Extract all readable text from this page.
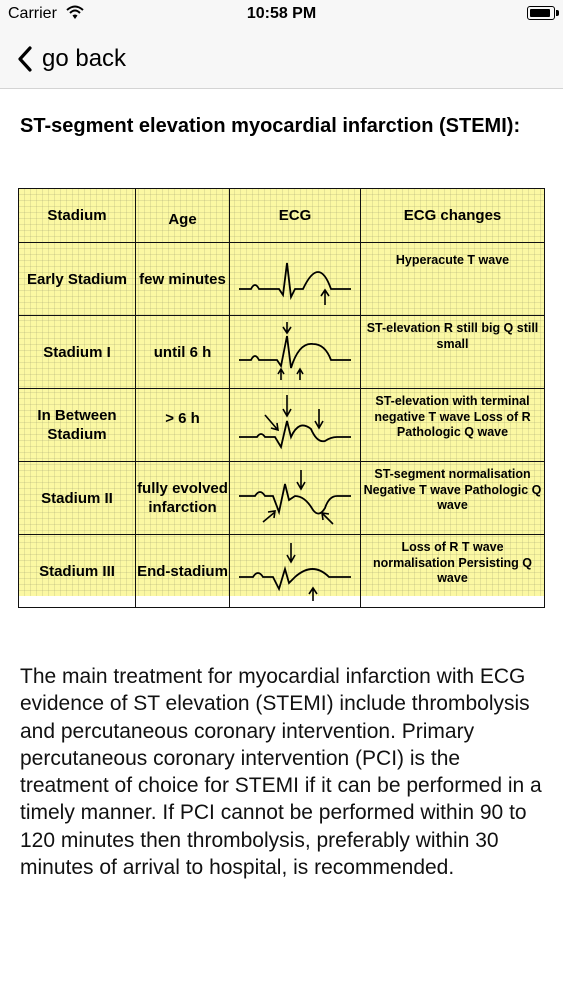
Carrier	10:58 PM
go back
ST-segment elevation myocardial infarction (STEMI):
Stadium	Age	ECG	ECG changes
Early Stadium	few minutes		Hyperacute T wave
Stadium I	until 6 h		ST-elevation R still big Q still small
In Between Stadium	> 6 h		ST-elevation with terminal negative T wave Loss of R Pathologic Q wave
Stadium II	fully evolved infarction		ST-segment normalisation Negative T wave Pathologic Q wave
Stadium III	End-stadium		Loss of R T wave normalisation Persisting Q wave
The main treatment for myocardial infarction with ECG evidence of ST elevation (STEMI) include thrombolysis and percutaneous coronary intervention. Primary percutaneous coronary intervention (PCI) is the treatment of choice for STEMI if it can be performed in a timely manner. If PCI cannot be performed within 90 to 120 minutes then thrombolysis, preferably within 30 minutes of arrival to hospital, is recommended.
